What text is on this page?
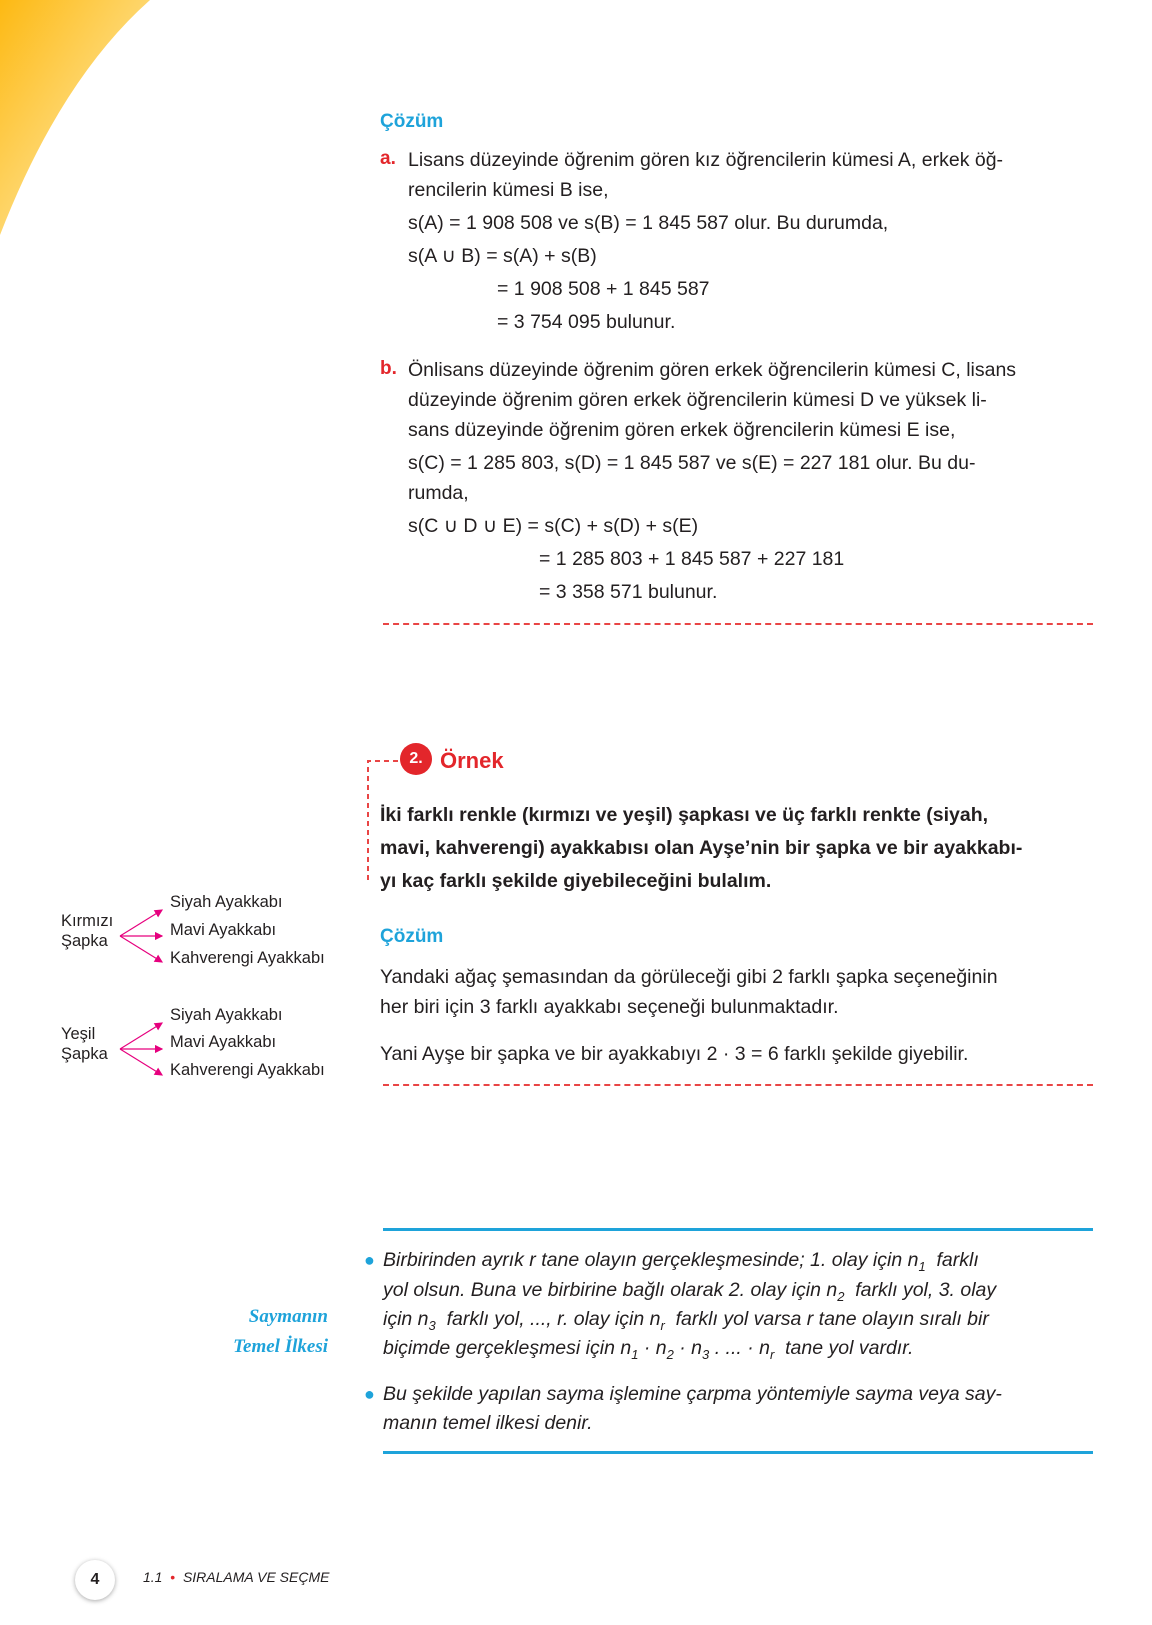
Çözüm
a. Lisans düzeyinde öğrenim gören kız öğrencilerin kümesi A, erkek öğ-
rencilerin kümesi B ise,
s(A) = 1 908 508 ve s(B) = 1 845 587 olur. Bu durumda,
s(A ∪ B) = s(A) + s(B)
= 1 908 508 + 1 845 587
= 3 754 095 bulunur.
b. Önlisans düzeyinde öğrenim gören erkek öğrencilerin kümesi C, lisans
düzeyinde öğrenim gören erkek öğrencilerin kümesi D ve yüksek li-
sans düzeyinde öğrenim gören erkek öğrencilerin kümesi E ise,
s(C) = 1 285 803, s(D) = 1 845 587 ve s(E) = 227 181 olur. Bu du-
rumda,
s(C ∪ D ∪ E) = s(C) + s(D) + s(E)
= 1 285 803 + 1 845 587 + 227 181
= 3 358 571 bulunur.
2. Örnek
İki farklı renkle (kırmızı ve yeşil) şapkası ve üç farklı renkte (siyah,
mavi, kahverengi) ayakkabısı olan Ayşe’nin bir şapka ve bir ayakkabı-
yı kaç farklı şekilde giyebileceğini bulalım.
Çözüm
Yandaki ağaç şemasından da görüleceği gibi 2 farklı şapka seçeneğinin
her biri için 3 farklı ayakkabı seçeneği bulunmaktadır.
Yani Ayşe bir şapka ve bir ayakkabıyı 2 · 3 = 6 farklı şekilde giyebilir.
Kırmızı
Şapka
Siyah Ayakkabı
Mavi Ayakkabı
Kahverengi Ayakkabı
Yeşil
Şapka
Siyah Ayakkabı
Mavi Ayakkabı
Kahverengi Ayakkabı
Saymanın
Temel İlkesi
● Birbirinden ayrık r tane olayın gerçekleşmesinde; 1. olay için $n_1$ farklı
yol olsun. Buna ve birbirine bağlı olarak 2. olay için $n_2$ farklı yol, 3. olay
için $n_3$ farklı yol, ..., r. olay için $n_r$ farklı yol varsa r tane olayın sıralı bir
biçimde gerçekleşmesi için $n_1 \cdot n_2 \cdot n_3$ . ... · $n_r$ tane yol vardır.
● Bu şekilde yapılan sayma işlemine çarpma yöntemiyle sayma veya say-
manın temel ilkesi denir.
4	1.1  •  SIRALAMA VE SEÇME
